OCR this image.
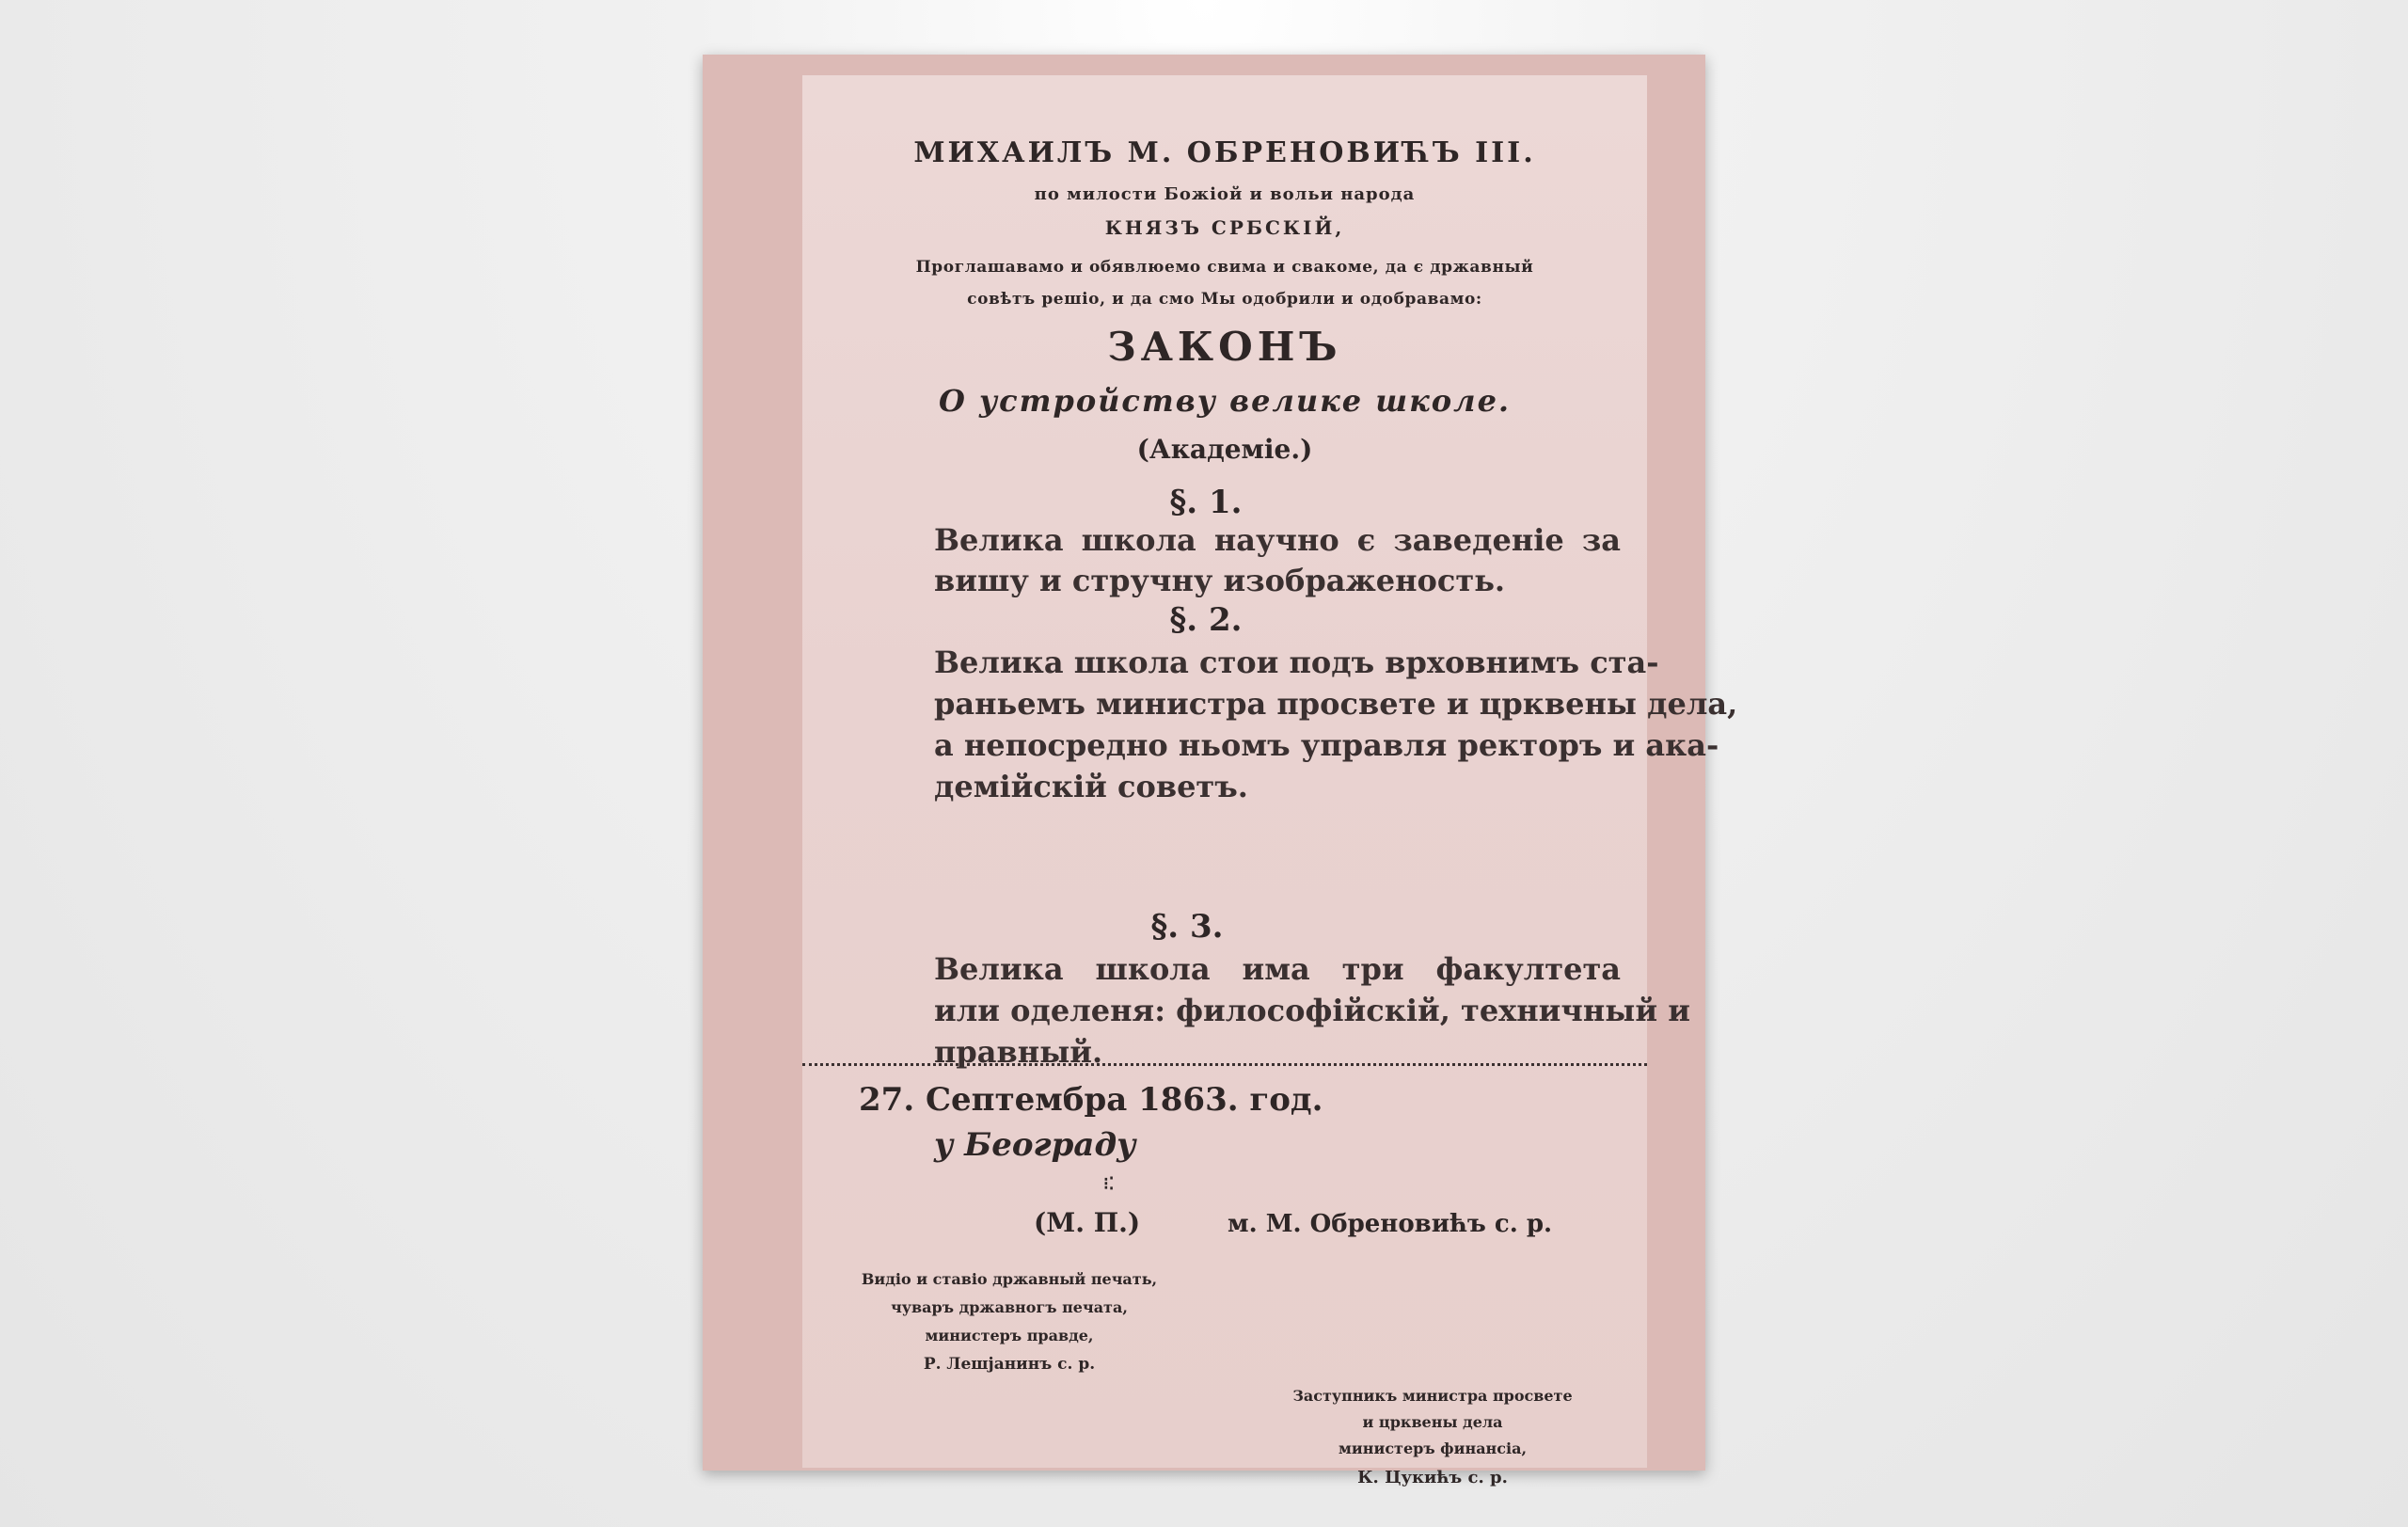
МИХАИЛЪ М. ОБРЕНОВИЋЪ III.
по милости Божіой и вольи народа
КНЯЗЪ СРБСКІЙ,
Проглашавамо и обявлюемо свима и свакоме, да є државный
совѣтъ решіо, и да смо Мы одобрили и одобравамо:
ЗАКОНЪ
О устройству велике школе.
(Академіе.)
§. 1.
Велика школа научно є заведеніе за
вишу и стручну изображеность.
§. 2.
Велика школа стои подъ врховнимъ ста-
раньемъ министра просвете и црквены дела,
а непосредно ньомъ управля ректоръ и ака-
демійскій советъ.
§. 3.
Велика школа има три факултета
или оделеня: философійскій, техничный и
правный.
27. Септембра 1863. год.
у Београду
⁝⁚
(М. П.)	м. М. Обреновићъ с. р.
Видіо и ставіо државный печать,
чуваръ државногъ печата,
министеръ правде,
Р. Лешјанинъ с. р.
Заступникъ министра просвете
и црквены дела
министеръ финансіа,
К. Цукићъ с. р.
